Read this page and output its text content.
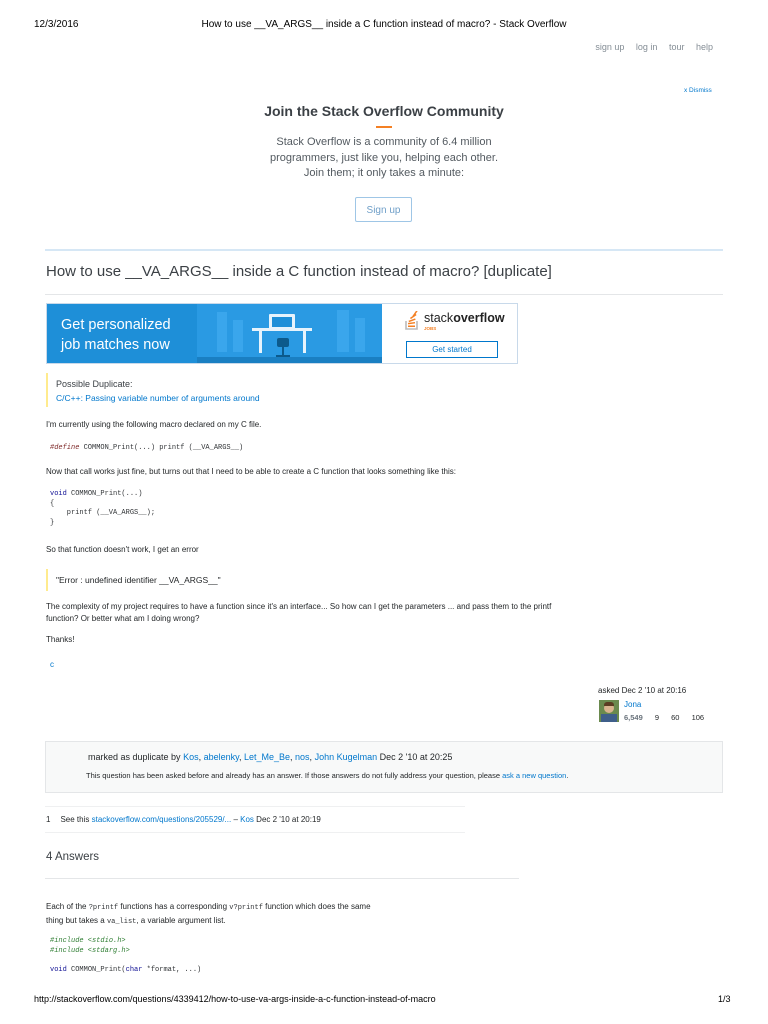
12/3/2016	How to use __VA_ARGS__ inside a C function instead of macro? - Stack Overflow
sign up log in tour help
x Dismiss
Join the Stack Overflow Community
Stack Overflow is a community of 6.4 million
programmers, just like you, helping each other.
Join them; it only takes a minute:
Sign up
How to use __VA_ARGS__ inside a C function instead of macro? [duplicate]
Get personalized
job matches now
stackoverflow
JOBS
Get started
Possible Duplicate:
C/C++: Passing variable number of arguments around
I'm currently using the following macro declared on my C file.
#define COMMON_Print(...) printf (__VA_ARGS__)
Now that call works just fine, but turns out that I need to be able to create a C function that looks something like this:
void COMMON_Print(...)
{
printf (__VA_ARGS__);
}
So that function doesn't work, I get an error
"Error : undefined identifier __VA_ARGS__"
The complexity of my project requires to have a function since it's an interface... So how can I get the parameters ... and pass them to the printf
function? Or better what am I doing wrong?
Thanks!
c
asked Dec 2 '10 at 20:16
Jona
6,549 9 60 106
marked as duplicate by Kos, abelenky, Let_Me_Be, nos, John Kugelman Dec 2 '10 at 20:25
This question has been asked before and already has an answer. If those answers do not fully address your question, please ask a new question.
1 See this stackoverflow.com/questions/205529/... – Kos Dec 2 '10 at 20:19
4 Answers
Each of the ?printf functions has a corresponding v?printf function which does the same
thing but takes a va_list, a variable argument list.
#include <stdio.h>
#include <stdarg.h>

void COMMON_Print(char *format, ...)
http://stackoverflow.com/questions/4339412/how-to-use-va-args-inside-a-c-function-instead-of-macro	1/3
